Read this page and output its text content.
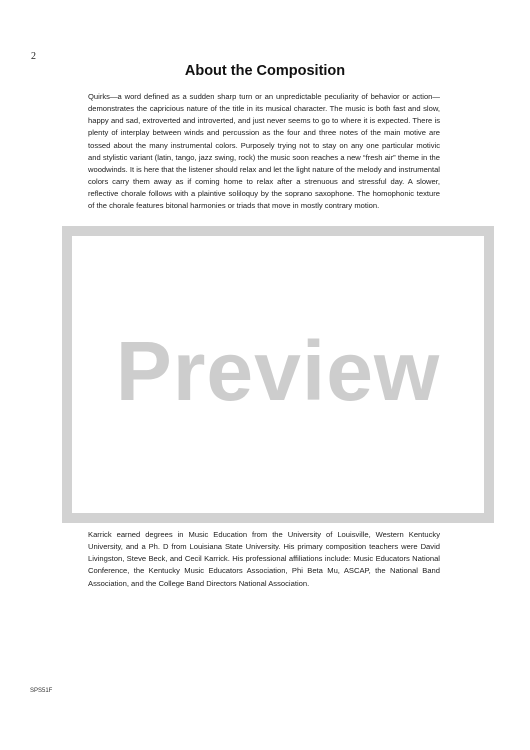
2
About the Composition
Quirks—a word defined as a sudden sharp turn or an unpredictable peculiarity of behavior or action—demonstrates the capricious nature of the title in its musical character. The music is both fast and slow, happy and sad, extroverted and introverted, and just never seems to go to where it is expected. There is plenty of interplay between winds and percussion as the four and three notes of the main motive are tossed about the many instrumental colors. Purposely trying not to stay on any one particular motivic and stylistic variant (latin, tango, jazz swing, rock) the music soon reaches a new “fresh air” theme in the woodwinds. It is here that the listener should relax and let the light nature of the melody and instrumental colors carry them away as if coming home to relax after a strenuous and stressful day. A slower, reflective chorale follows with a plaintive soliloquy by the soprano saxophone. The homophonic texture of the chorale features bitonal harmonies or triads that move in mostly contrary motion.
Preview
Karrick earned degrees in Music Education from the University of Louisville, Western Kentucky University, and a Ph. D from Louisiana State University. His primary composition teachers were David Livingston, Steve Beck, and Cecil Karrick. His professional affiliations include: Music Educators National Conference, the Kentucky Music Educators Association, Phi Beta Mu, ASCAP, the National Band Association, and the College Band Directors National Association.
SPS51F
